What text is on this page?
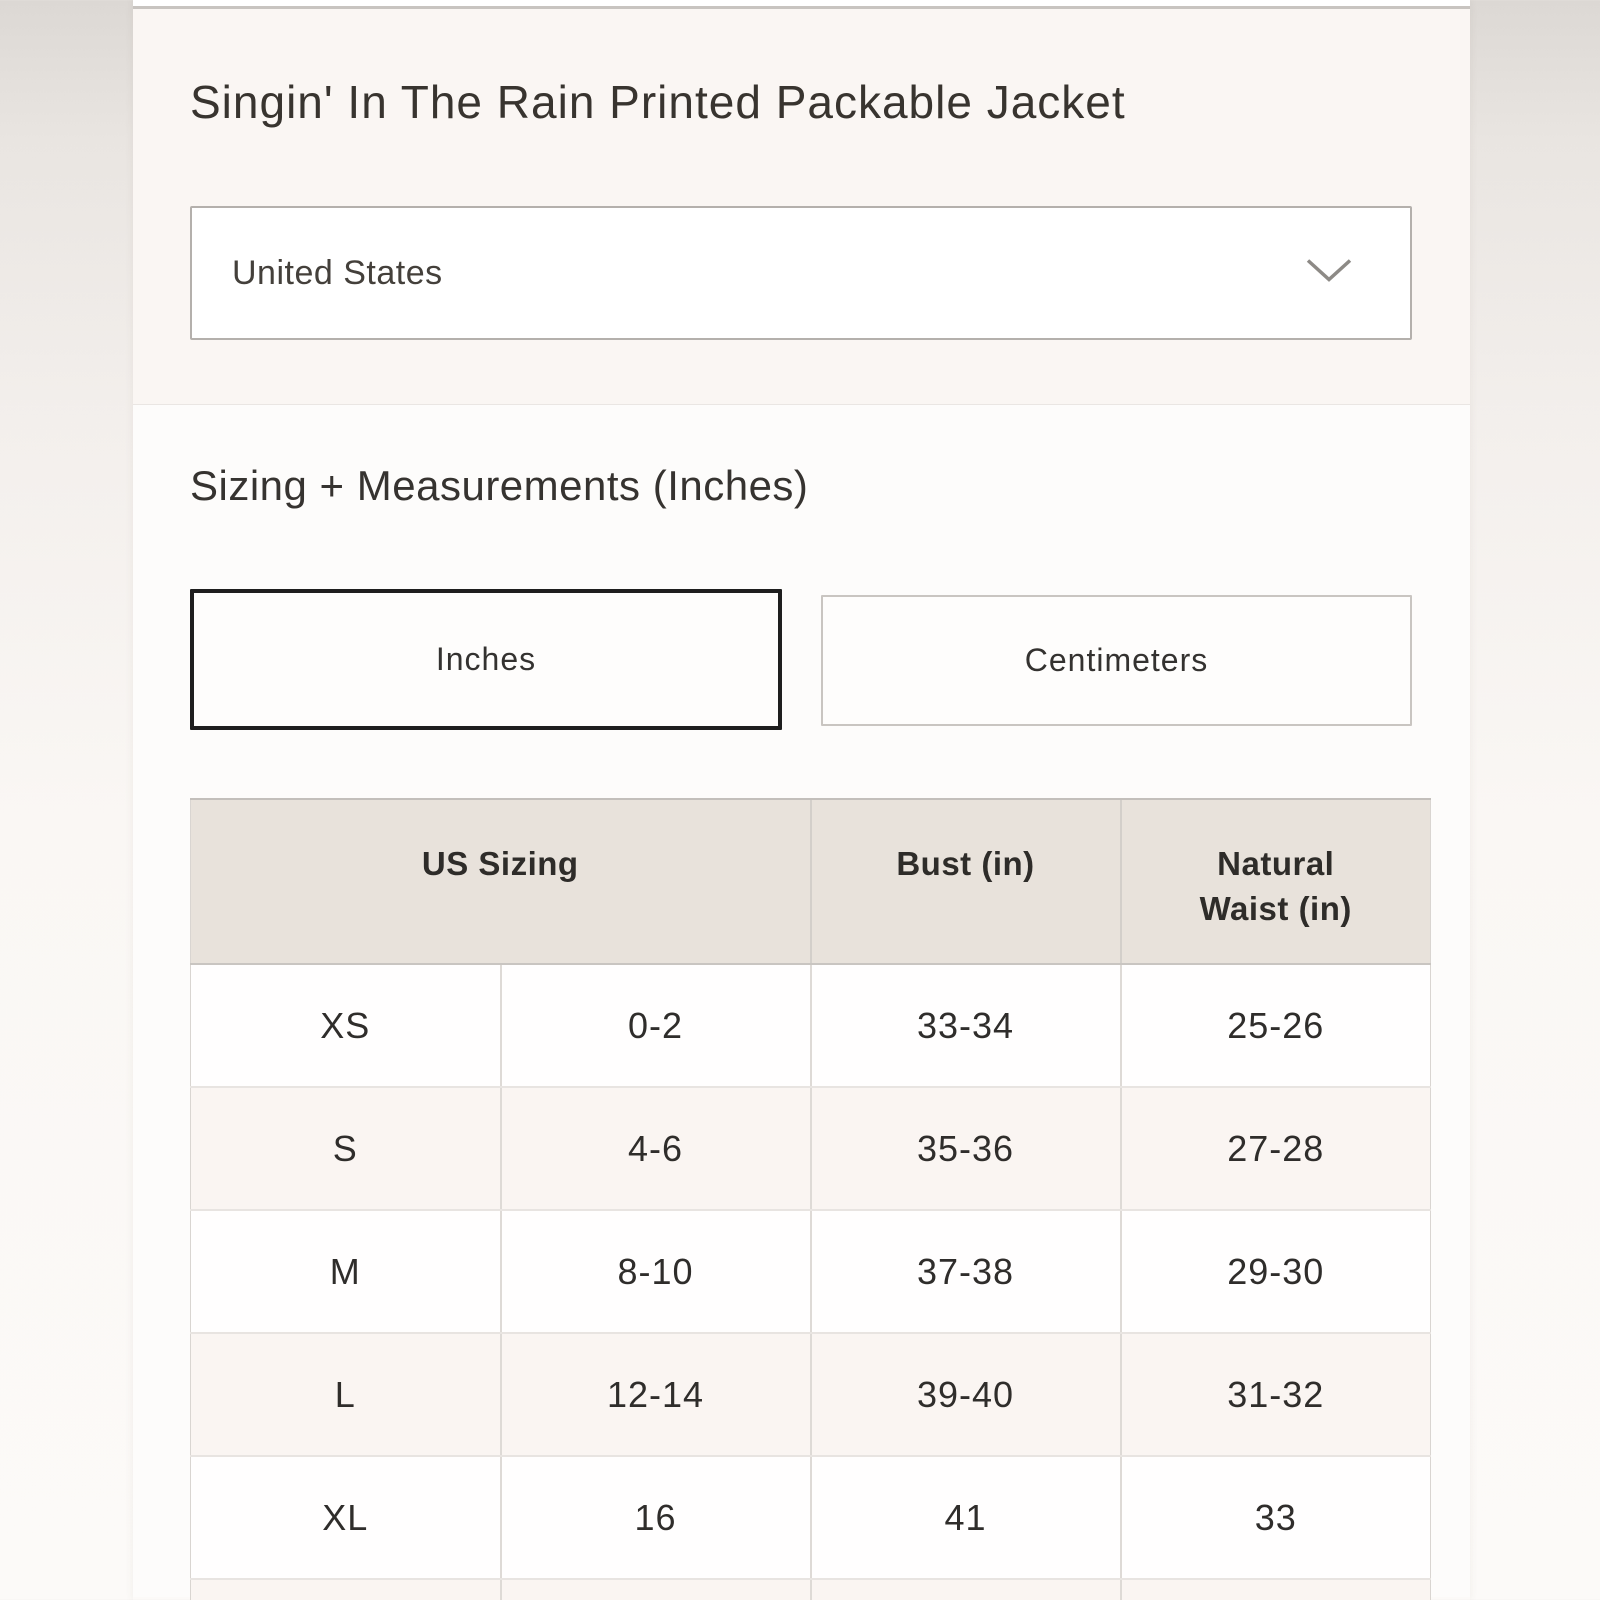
Singin' In The Rain Printed Packable Jacket
United States
Sizing + Measurements (Inches)
Inches	Centimeters
US Sizing		Bust (in)	Natural
Waist (in)

XS	0-2	33-34	25-26
S	4-6	35-36	27-28
M	8-10	37-38	29-30
L	12-14	39-40	31-32
XL	16	41	33
